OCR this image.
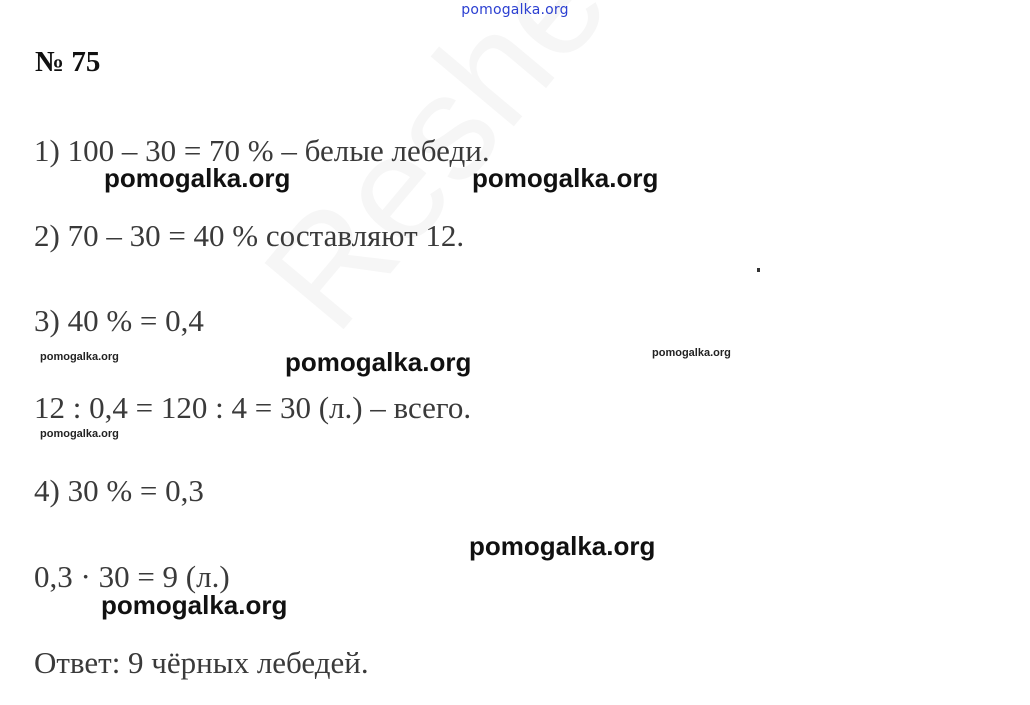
pomogalka.org
№ 75
1) 100 – 30 = 70 % – белые лебеди.
pomogalka.org	pomogalka.org
2) 70 – 30 = 40 % составляют 12.
3) 40 % = 0,4
pomogalka.org	pomogalka.org	pomogalka.org
12 : 0,4 = 120 : 4 = 30 (л.) – всего.
pomogalka.org
4) 30 % = 0,3
pomogalka.org
0,3 · 30 = 9 (л.)
pomogalka.org
Ответ: 9 чёрных лебедей.
